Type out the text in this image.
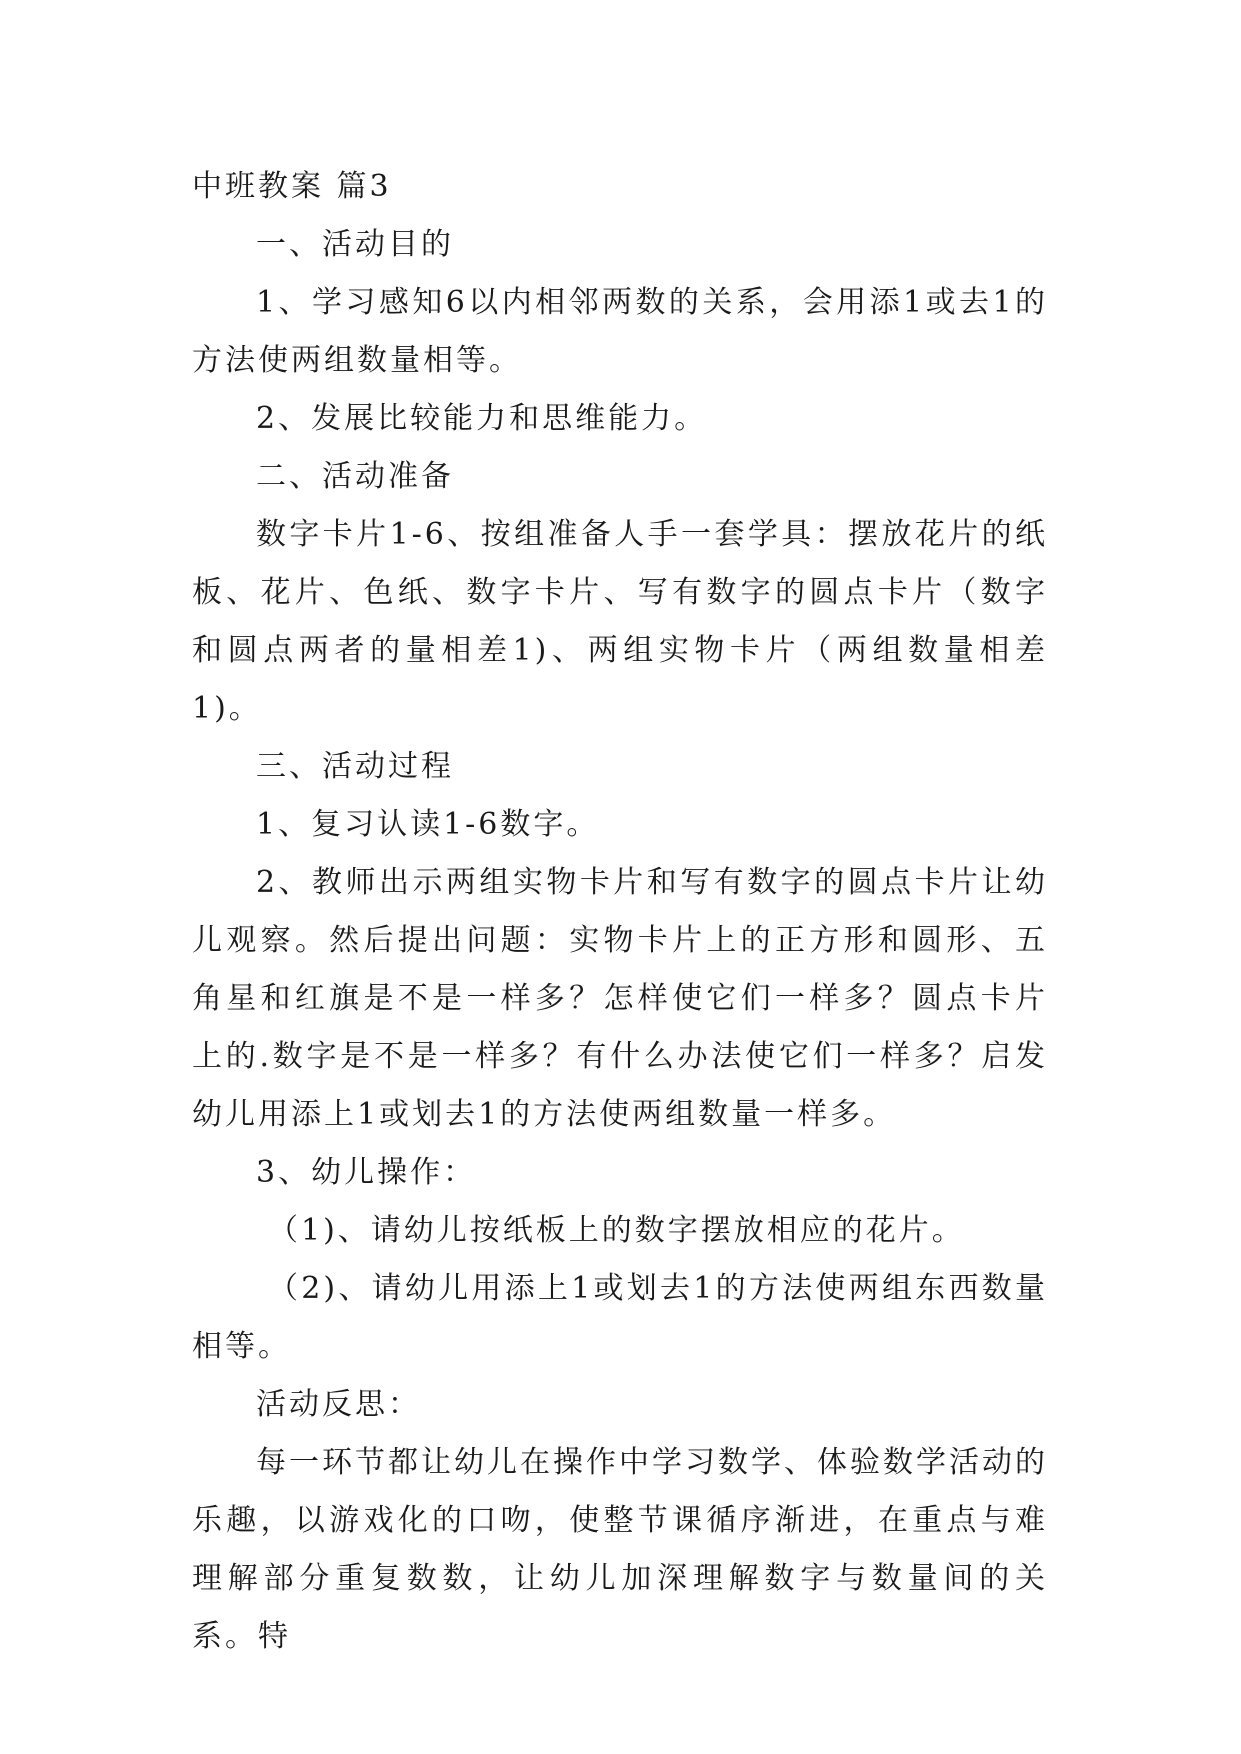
中班教案 篇3

一、活动目的

1、学习感知6以内相邻两数的关系，会用添1或去1的方法使两组数量相等。

2、发展比较能力和思维能力。

二、活动准备

数字卡片1-6、按组准备人手一套学具：摆放花片的纸板、花片、色纸、数字卡片、写有数字的圆点卡片（数字和圆点两者的量相差1)、两组实物卡片（两组数量相差1)。

三、活动过程

1、复习认读1-6数字。

2、教师出示两组实物卡片和写有数字的圆点卡片让幼儿观察。然后提出问题：实物卡片上的正方形和圆形、五角星和红旗是不是一样多？怎样使它们一样多？圆点卡片上的.数字是不是一样多？有什么办法使它们一样多？启发幼儿用添上1或划去1的方法使两组数量一样多。

3、幼儿操作：

（1)、请幼儿按纸板上的数字摆放相应的花片。

（2)、请幼儿用添上1或划去1的方法使两组东西数量相等。

活动反思：

每一环节都让幼儿在操作中学习数学、体验数学活动的乐趣，以游戏化的口吻，使整节课循序渐进，在重点与难理解部分重复数数，让幼儿加深理解数字与数量间的关系。特
